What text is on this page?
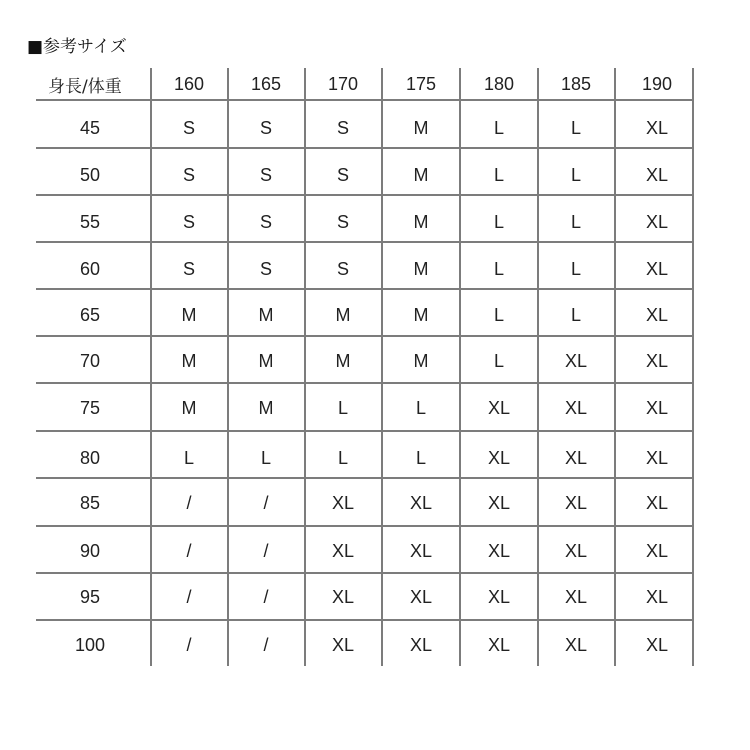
■参考サイズ
身長/体重	160	165	170	175	180	185	190
45	S	S	S	M	L	L	XL
50	S	S	S	M	L	L	XL
55	S	S	S	M	L	L	XL
60	S	S	S	M	L	L	XL
65	M	M	M	M	L	L	XL
70	M	M	M	M	L	XL	XL
75	M	M	L	L	XL	XL	XL
80	L	L	L	L	XL	XL	XL
85	/	/	XL	XL	XL	XL	XL
90	/	/	XL	XL	XL	XL	XL
95	/	/	XL	XL	XL	XL	XL
100	/	/	XL	XL	XL	XL	XL
